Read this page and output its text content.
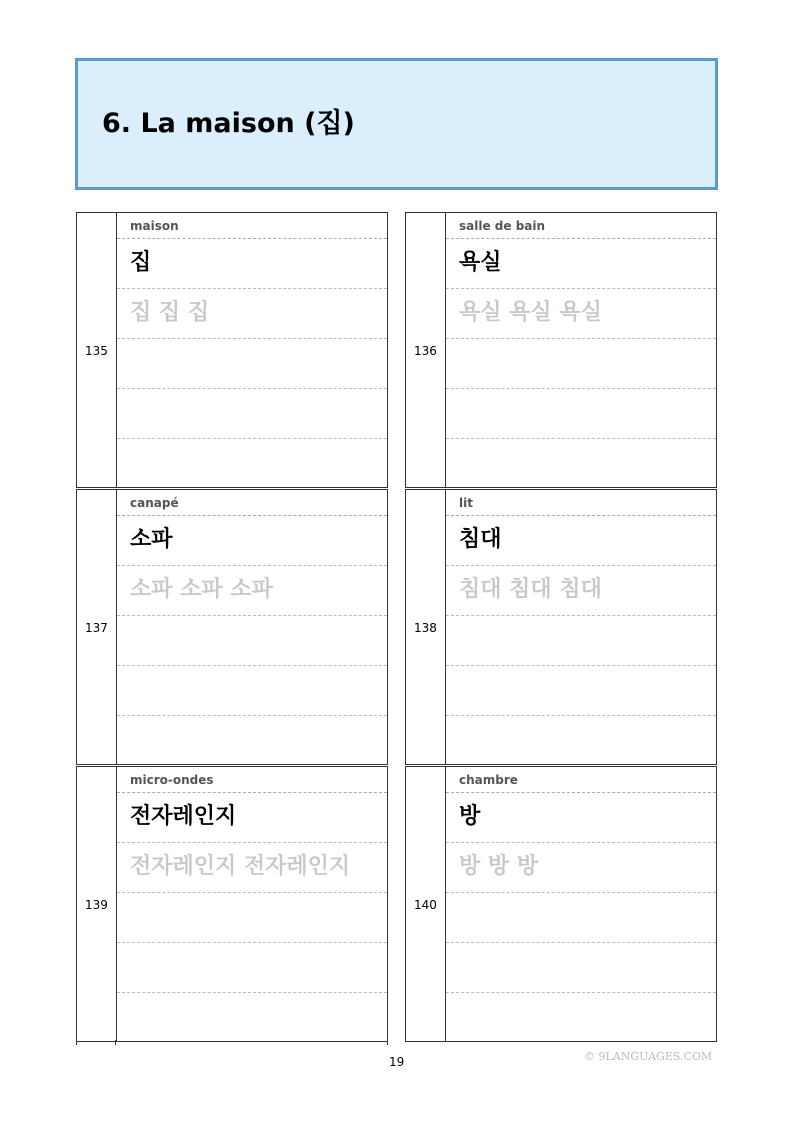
6. La maison (집)
135
maison
집
집 집 집
136
salle de bain
욕실
욕실 욕실 욕실
137
canapé
소파
소파 소파 소파
138
lit
침대
침대 침대 침대
139
micro-ondes
전자레인지
전자레인지 전자레인지
140
chambre
방
방 방 방
19	© 9LANGUAGES.COM
